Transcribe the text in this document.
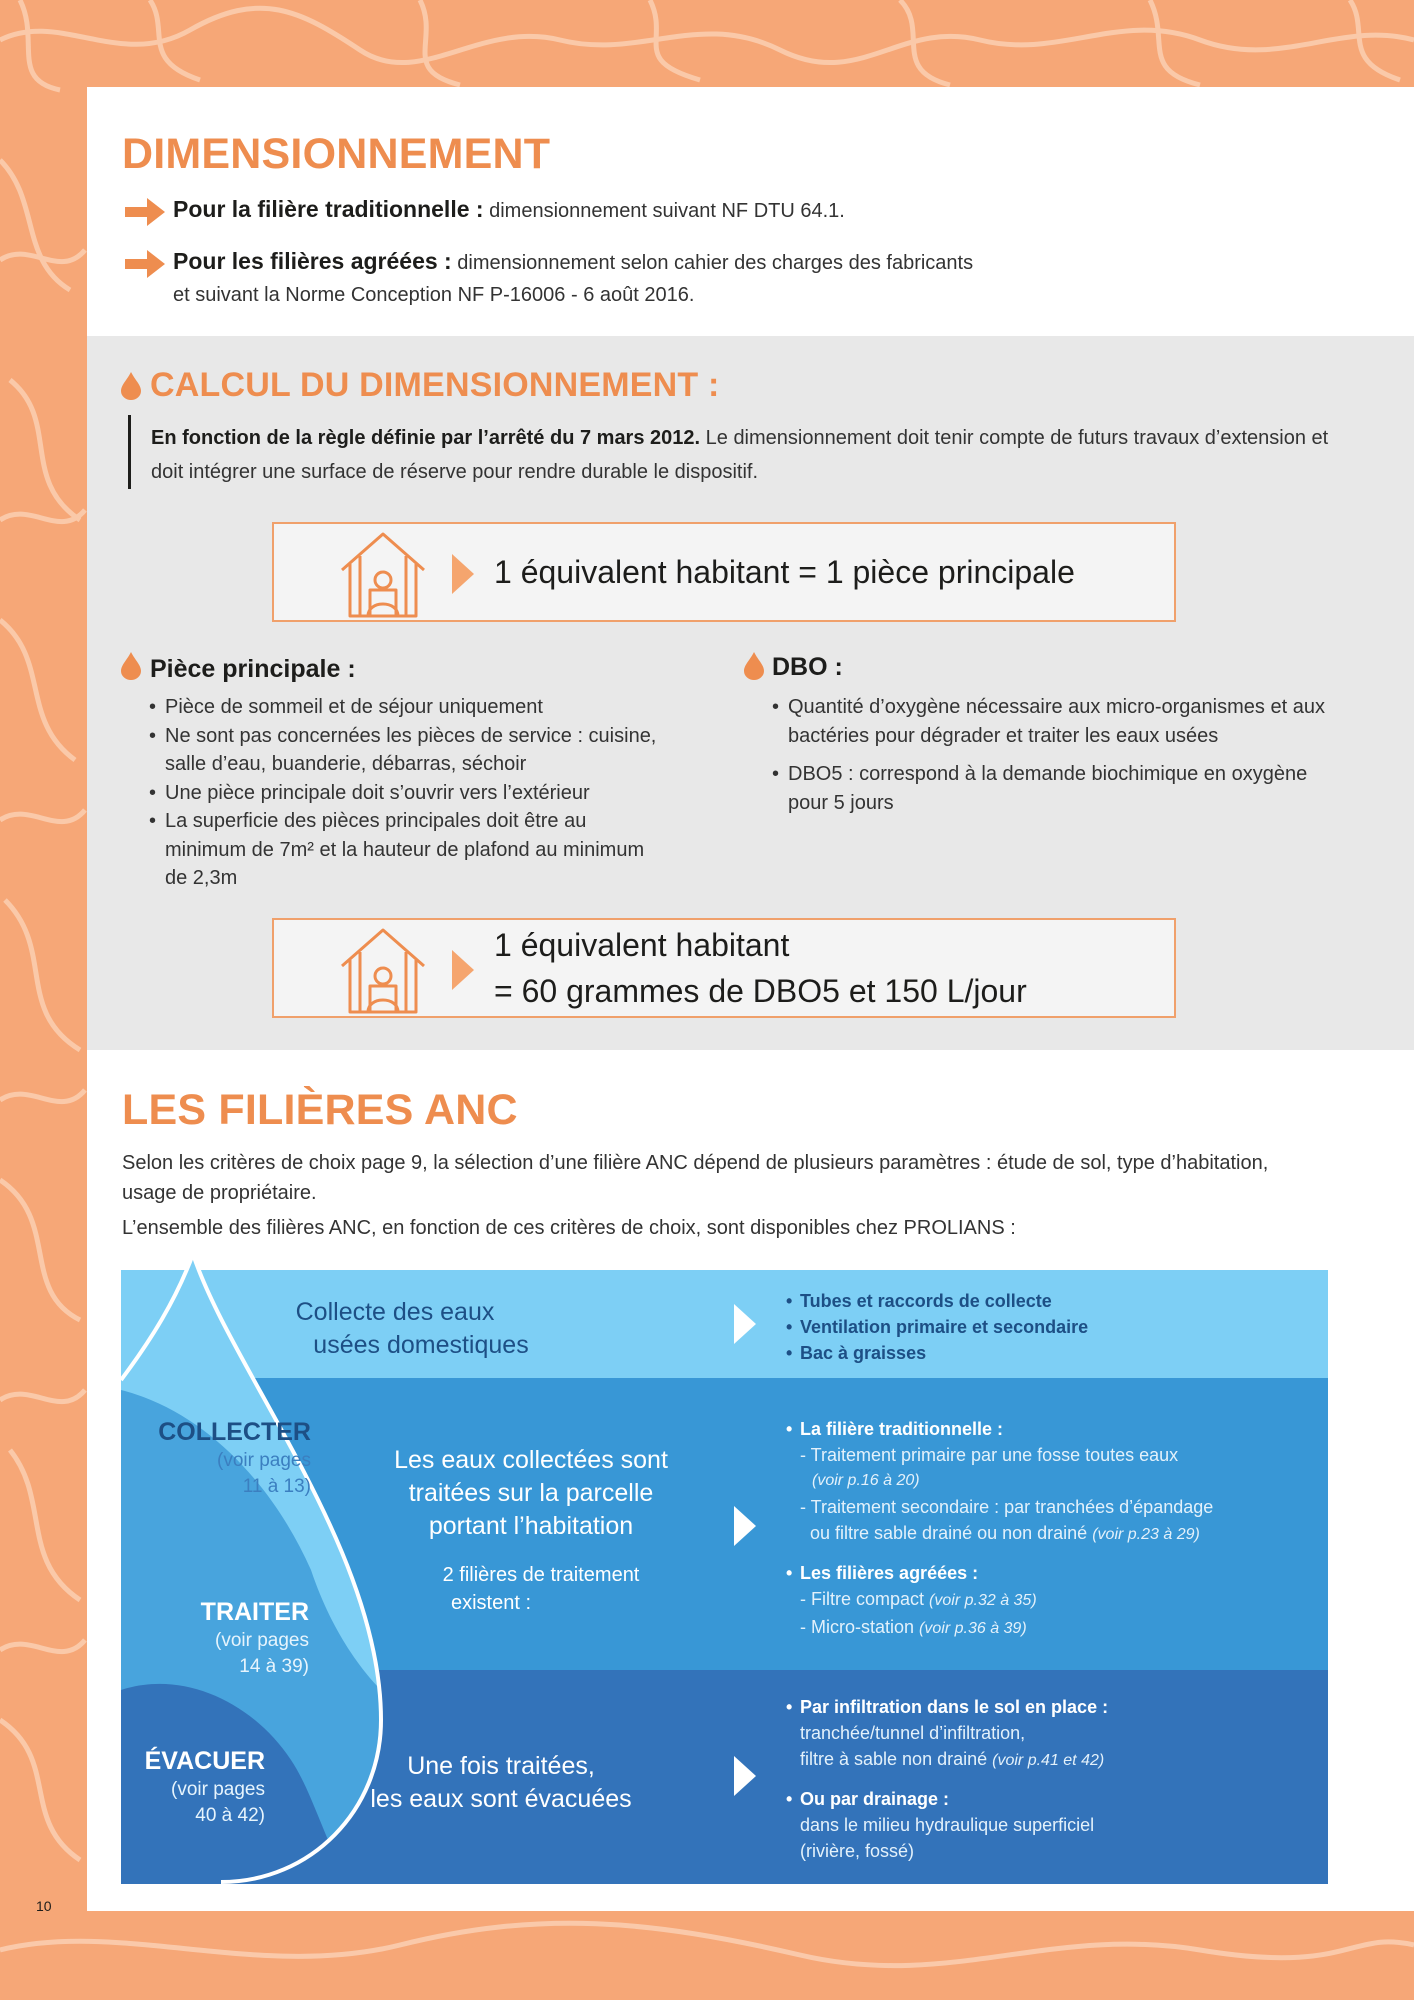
DIMENSIONNEMENT
Pour la filière traditionnelle : dimensionnement suivant NF DTU 64.1.
Pour les filières agréées : dimensionnement selon cahier des charges des fabricants
et suivant la Norme Conception NF P-16006 - 6 août 2016.
CALCUL DU DIMENSIONNEMENT :
En fonction de la règle définie par l’arrêté du 7 mars 2012. Le dimensionnement doit tenir compte de futurs travaux d’extension et doit intégrer une surface de réserve pour rendre durable le dispositif.
1 équivalent habitant = 1 pièce principale
Pièce principale :
• Pièce de sommeil et de séjour uniquement
• Ne sont pas concernées les pièces de service : cuisine, salle d’eau, buanderie, débarras, séchoir
• Une pièce principale doit s’ouvrir vers l’extérieur
• La superficie des pièces principales doit être au minimum de 7m² et la hauteur de plafond au minimum de 2,3m
DBO :
• Quantité d’oxygène nécessaire aux micro-organismes et aux bactéries pour dégrader et traiter les eaux usées
• DBO5 : correspond à la demande biochimique en oxygène pour 5 jours
1 équivalent habitant
= 60 grammes de DBO5 et 150 L/jour
LES FILIÈRES ANC
Selon les critères de choix page 9, la sélection d’une filière ANC dépend de plusieurs paramètres : étude de sol, type d’habitation, usage de propriétaire.
L’ensemble des filières ANC, en fonction de ces critères de choix, sont disponibles chez PROLIANS :
COLLECTER
(voir pages
11 à 13)
TRAITER
(voir pages
14 à 39)
ÉVACUER
(voir pages
40 à 42)
Collecte des eaux
usées domestiques
• Tubes et raccords de collecte
• Ventilation primaire et secondaire
• Bac à graisses
Les eaux collectées sont
traitées sur la parcelle
portant l’habitation
2 filières de traitement
existent :
• La filière traditionnelle :
- Traitement primaire par une fosse toutes eaux
(voir p.16 à 20)
- Traitement secondaire : par tranchées d’épandage
ou filtre sable drainé ou non drainé (voir p.23 à 29)
• Les filières agréées :
- Filtre compact (voir p.32 à 35)
- Micro-station (voir p.36 à 39)
Une fois traitées,
les eaux sont évacuées
• Par infiltration dans le sol en place :
tranchée/tunnel d’infiltration,
filtre à sable non drainé (voir p.41 et 42)
• Ou par drainage :
dans le milieu hydraulique superficiel
(rivière, fossé)
10
